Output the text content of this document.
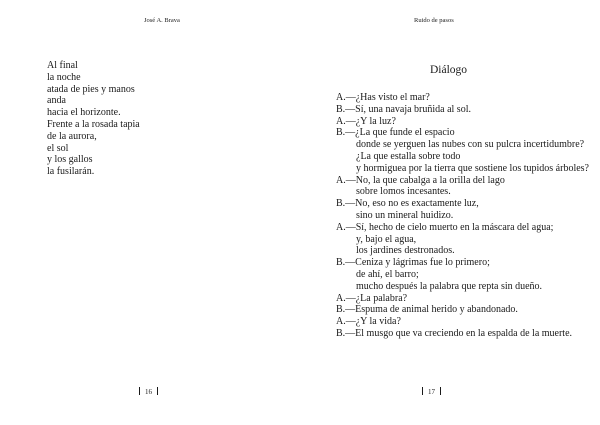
José A. Brava
Al final
la noche
atada de pies y manos
anda
hacia el horizonte.
Frente a la rosada tapia
de la aurora,
el sol
y los gallos
la fusilarán.
16
Ruido de pasos
Diálogo
A.—¿Has visto el mar?
B.—Sí, una navaja bruñida al sol.
A.—¿Y la luz?
B.—¿La que funde el espacio
donde se yerguen las nubes con su pulcra incertidumbre?
¿La que estalla sobre todo
y hormiguea por la tierra que sostiene los tupidos árboles?
A.—No, la que cabalga a la orilla del lago
sobre lomos incesantes.
B.—No, eso no es exactamente luz,
sino un mineral huidizo.
A.—Sí, hecho de cielo muerto en la máscara del agua;
y, bajo el agua,
los jardines destronados.
B.—Ceniza y lágrimas fue lo primero;
de ahí, el barro;
mucho después la palabra que repta sin dueño.
A.—¿La palabra?
B.—Espuma de animal herido y abandonado.
A.—¿Y la vida?
B.—El musgo que va creciendo en la espalda de la muerte.
17
